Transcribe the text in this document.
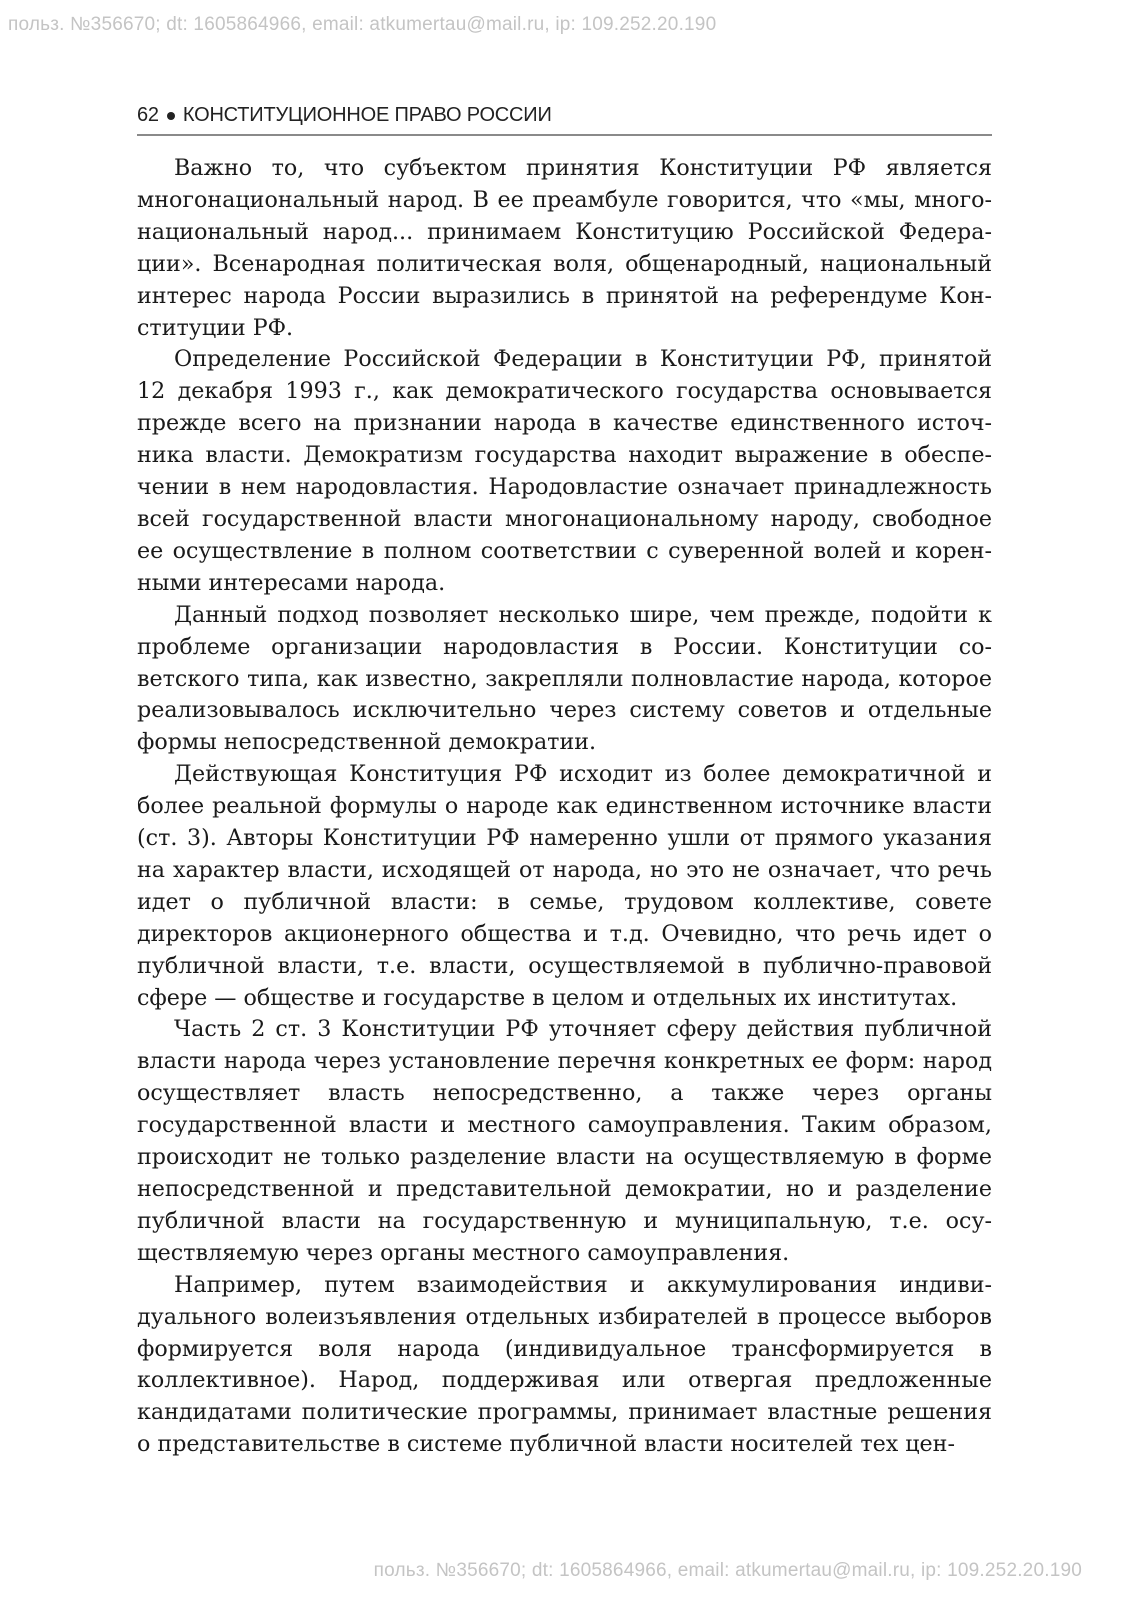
польз. №356670; dt: 1605864966, email: atkumertau@mail.ru, ip: 109.252.20.190
62 КОНСТИТУЦИОННОЕ ПРАВО РОССИИ

Важно то, что субъектом принятия Конституции РФ является многонациональный народ. В ее преамбуле говорится, что «мы, многонациональный народ... принимаем Конституцию Российской Федерации». Всенародная политическая воля, общенародный, национальный интерес народа России выразились в принятой на референдуме Конституции РФ.

Определение Российской Федерации в Конституции РФ, принятой 12 декабря 1993 г., как демократического государства основывается прежде всего на признании народа в качестве единственного источника власти. Демократизм государства находит выражение в обеспечении в нем народовластия. Народовластие означает принадлежность всей государственной власти многонациональному народу, свободное ее осуществление в полном соответствии с суверенной волей и коренными интересами народа.

Данный подход позволяет несколько шире, чем прежде, подойти к проблеме организации народовластия в России. Конституции советского типа, как известно, закрепляли полновластие народа, которое реализовывалось исключительно через систему советов и отдельные формы непосредственной демократии.

Действующая Конституция РФ исходит из более демократичной и более реальной формулы о народе как единственном источнике власти (ст. 3). Авторы Конституции РФ намеренно ушли от прямого указания на характер власти, исходящей от народа, но это не означает, что речь идет о публичной власти: в семье, трудовом коллективе, совете директоров акционерного общества и т.д. Очевидно, что речь идет о публичной власти, т.е. власти, осуществляемой в публично-правовой сфере — обществе и государстве в целом и отдельных их институтах.

Часть 2 ст. 3 Конституции РФ уточняет сферу действия публичной власти народа через установление перечня конкретных ее форм: народ осуществляет власть непосредственно, а также через органы государственной власти и местного самоуправления. Таким образом, происходит не только разделение власти на осуществляемую в форме непосредственной и представительной демократии, но и разделение публичной власти на государственную и муниципальную, т.е. осуществляемую через органы местного самоуправления.

Например, путем взаимодействия и аккумулирования индивидуального волеизъявления отдельных избирателей в процессе выборов формируется воля народа (индивидуальное трансформируется в коллективное). Народ, поддерживая или отвергая предложенные кандидатами политические программы, принимает властные решения о представительстве в системе публичной власти носителей тех цен-

польз. №356670; dt: 1605864966, email: atkumertau@mail.ru, ip: 109.252.20.190
